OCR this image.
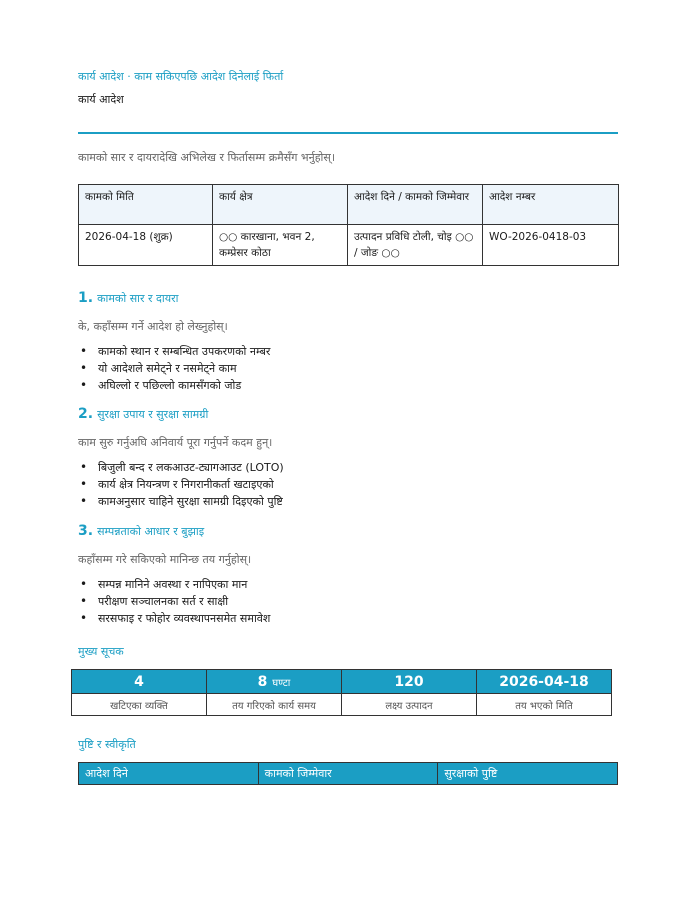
कार्य आदेश · काम सकिएपछि आदेश दिनेलाई फिर्ता
कार्य आदेश
कामको सार र दायरादेखि अभिलेख र फिर्तासम्म क्रमैसँग भर्नुहोस्।
कामको मिति	कार्य क्षेत्र	आदेश दिने / कामको जिम्मेवार	आदेश नम्बर
2026-04-18 (शुक्र)	○○ कारखाना, भवन 2, कम्प्रेसर कोठा	उत्पादन प्रविधि टोली, चोइ ○○ / जोङ ○○	WO-2026-0418-03
1. कामको सार र दायरा
के, कहाँसम्म गर्ने आदेश हो लेख्नुहोस्।
• कामको स्थान र सम्बन्धित उपकरणको नम्बर
• यो आदेशले समेट्ने र नसमेट्ने काम
• अघिल्लो र पछिल्लो कामसँगको जोड
2. सुरक्षा उपाय र सुरक्षा सामग्री
काम सुरु गर्नुअघि अनिवार्य पूरा गर्नुपर्ने कदम हुन्।
• बिजुली बन्द र लकआउट-ट्यागआउट (LOTO)
• कार्य क्षेत्र नियन्त्रण र निगरानीकर्ता खटाइएको
• कामअनुसार चाहिने सुरक्षा सामग्री दिइएको पुष्टि
3. सम्पन्नताको आधार र बुझाइ
कहाँसम्म गरे सकिएको मानिन्छ तय गर्नुहोस्।
• सम्पन्न मानिने अवस्था र नापिएका मान
• परीक्षण सञ्चालनका सर्त र साक्षी
• सरसफाइ र फोहोर व्यवस्थापनसमेत समावेश
मुख्य सूचक
4	8 घण्टा	120	2026-04-18
खटिएका व्यक्ति	तय गरिएको कार्य समय	लक्ष्य उत्पादन	तय भएको मिति
पुष्टि र स्वीकृति
आदेश दिने	कामको जिम्मेवार	सुरक्षाको पुष्टि
